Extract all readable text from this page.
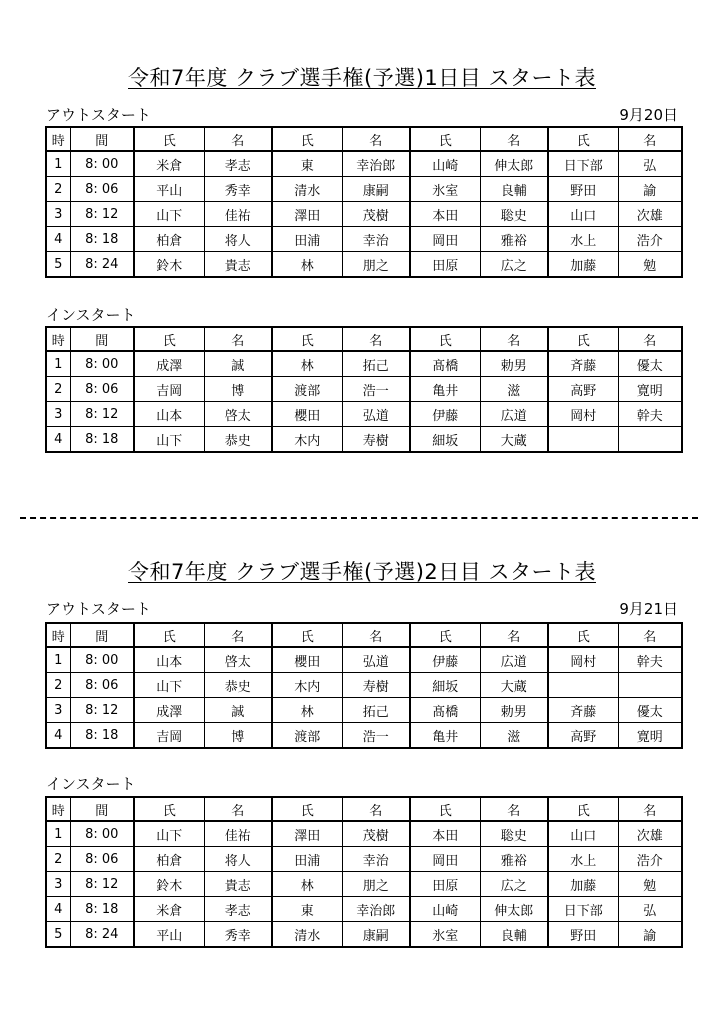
令和7年度 クラブ選手権(予選)1日目 スタート表
アウトスタート	9月20日
時	間	氏	名	氏	名	氏	名	氏	名
1	8: 00	米倉	孝志	東	幸治郎	山崎	伸太郎	日下部	弘
2	8: 06	平山	秀幸	清水	康嗣	氷室	良輔	野田	諭
3	8: 12	山下	佳祐	澤田	茂樹	本田	聡史	山口	次雄
4	8: 18	柏倉	将人	田浦	幸治	岡田	雅裕	水上	浩介
5	8: 24	鈴木	貴志	林	朋之	田原	広之	加藤	勉
インスタート
時	間	氏	名	氏	名	氏	名	氏	名
1	8: 00	成澤	誠	林	拓己	髙橋	勅男	斉藤	優太
2	8: 06	吉岡	博	渡部	浩一	亀井	滋	高野	寛明
3	8: 12	山本	啓太	櫻田	弘道	伊藤	広道	岡村	幹夫
4	8: 18	山下	恭史	木内	寿樹	細坂	大蔵		
令和7年度 クラブ選手権(予選)2日目 スタート表
アウトスタート	9月21日
時	間	氏	名	氏	名	氏	名	氏	名
1	8: 00	山本	啓太	櫻田	弘道	伊藤	広道	岡村	幹夫
2	8: 06	山下	恭史	木内	寿樹	細坂	大蔵		
3	8: 12	成澤	誠	林	拓己	髙橋	勅男	斉藤	優太
4	8: 18	吉岡	博	渡部	浩一	亀井	滋	高野	寛明
インスタート
時	間	氏	名	氏	名	氏	名	氏	名
1	8: 00	山下	佳祐	澤田	茂樹	本田	聡史	山口	次雄
2	8: 06	柏倉	将人	田浦	幸治	岡田	雅裕	水上	浩介
3	8: 12	鈴木	貴志	林	朋之	田原	広之	加藤	勉
4	8: 18	米倉	孝志	東	幸治郎	山崎	伸太郎	日下部	弘
5	8: 24	平山	秀幸	清水	康嗣	氷室	良輔	野田	諭
